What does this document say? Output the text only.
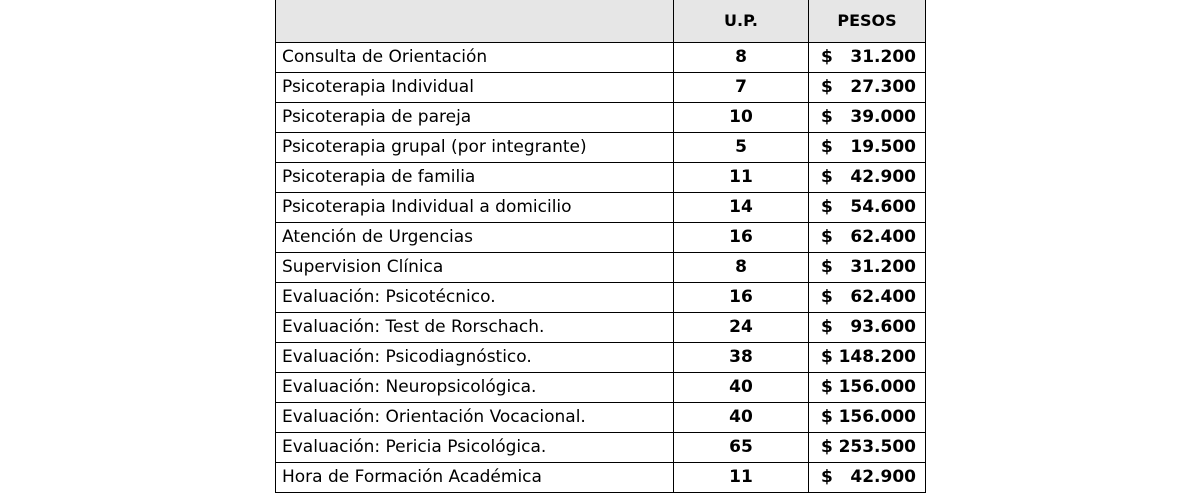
	U.P.	PESOS
Consulta de Orientación	8	$ 31.200

Psicoterapia Individual	7	$ 27.300

Psicoterapia de pareja	10	$ 39.000

Psicoterapia grupal (por integrante)	5	$ 19.500

Psicoterapia de familia	11	$ 42.900

Psicoterapia Individual a domicilio	14	$ 54.600

Atención de Urgencias	16	$ 62.400

Supervision Clínica	8	$ 31.200

Evaluación: Psicotécnico.	16	$ 62.400

Evaluación: Test de Rorschach.	24	$ 93.600

Evaluación: Psicodiagnóstico.	38	$ 148.200

Evaluación: Neuropsicológica.	40	$ 156.000

Evaluación: Orientación Vocacional.	40	$ 156.000

Evaluación: Pericia Psicológica.	65	$ 253.500

Hora de Formación Académica	11	$ 42.900
